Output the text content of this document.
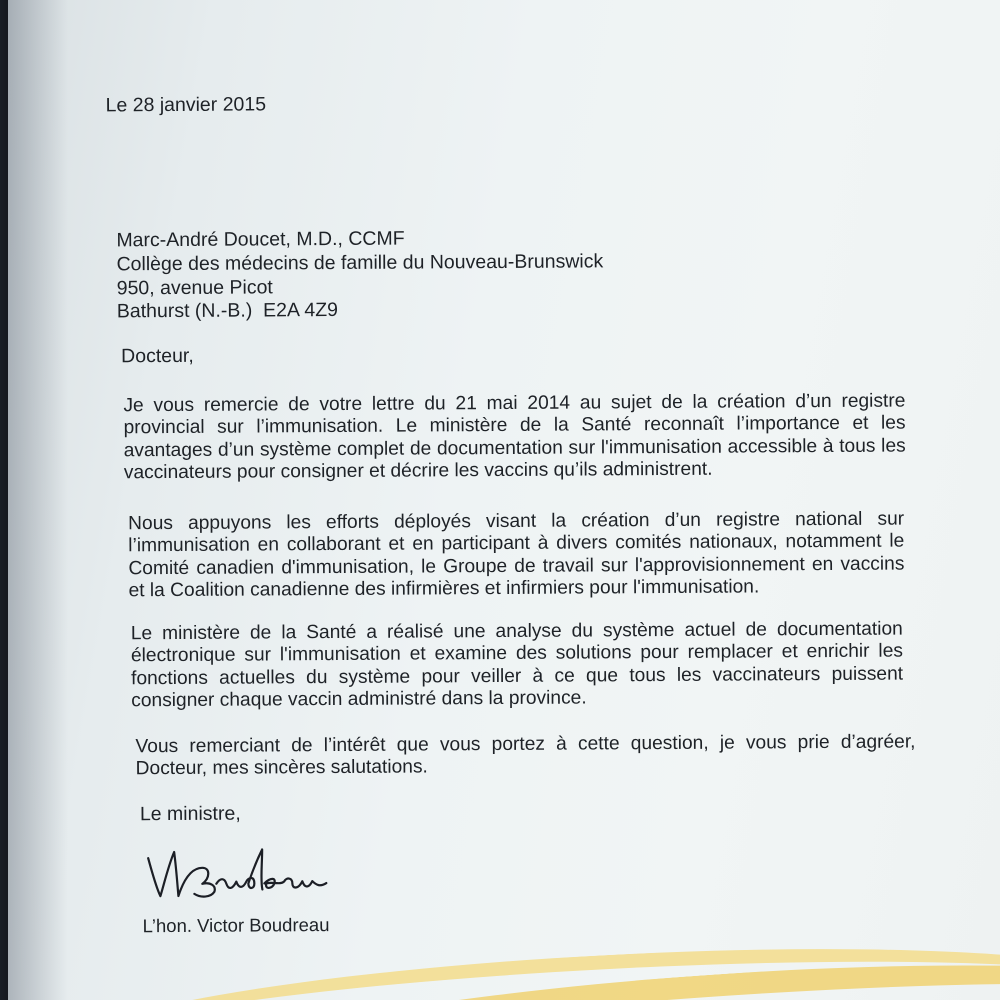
Le 28 janvier 2015
Marc-André Doucet, M.D., CCMF
Collège des médecins de famille du Nouveau-Brunswick
950, avenue Picot
Bathurst (N.-B.)  E2A 4Z9
Docteur,
Je vous remercie de votre lettre du 21 mai 2014 au sujet de la création d’un registre provincial sur l’immunisation. Le ministère de la Santé reconnaît l’importance et les avantages d’un système complet de documentation sur l'immunisation accessible à tous les vaccinateurs pour consigner et décrire les vaccins qu’ils administrent.
Nous appuyons les efforts déployés visant la création d’un registre national sur l’immunisation en collaborant et en participant à divers comités nationaux, notamment le Comité canadien d'immunisation, le Groupe de travail sur l'approvisionnement en vaccins et la Coalition canadienne des infirmières et infirmiers pour l'immunisation.
Le ministère de la Santé a réalisé une analyse du système actuel de documentation électronique sur l'immunisation et examine des solutions pour remplacer et enrichir les fonctions actuelles du système pour veiller à ce que tous les vaccinateurs puissent consigner chaque vaccin administré dans la province.
Vous remerciant de l’intérêt que vous portez à cette question, je vous prie d’agréer, Docteur, mes sincères salutations.
Le ministre,
L’hon. Victor Boudreau
